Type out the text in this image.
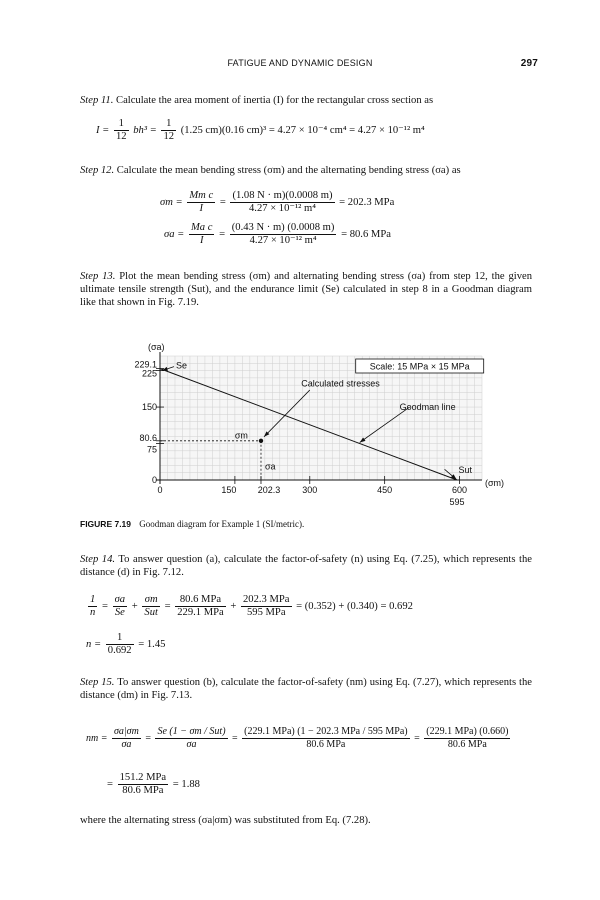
FATIGUE AND DYNAMIC DESIGN	297
Step 11. Calculate the area moment of inertia (I) for the rectangular cross section as
$I = \frac{1}{12} bh^3 = \frac{1}{12} (1.25$ cm)(0.16 cm)³ = 4.27 × 10⁻⁴ cm⁴ = 4.27 × 10⁻¹² m⁴
Step 12. Calculate the mean bending stress (σm) and the alternating bending stress (σa) as
$\sigma m = \frac{\text{Mm c}}{I} = \frac{(1.08 N \cdot m)(0.0008 m)}{\text{4.27 × 10⁻¹² m⁴}} = 202.3$ MPa
$\sigma a = \frac{\text{Ma c}}{I} = \frac{(0.43 N \cdot m) (0.0008 m)}{\text{4.27 × 10⁻¹² m⁴}} = 80.6$ MPa
Step 13. Plot the mean bending stress (σm) and alternating bending stress (σa) from step 12, the given ultimate tensile strength (Sut), and the endurance limit (Se) calculated in step 8 in a Goodman diagram like that shown in Fig. 7.19.
0	150 202.3 300	450	600
0
75
80.6
150
225
229.1
595
(σa)
(σm)
Se
Sut
σm
σa
Calculated stresses
Goodman line
Scale: 15 MPa × 15 MPa
FIGURE 7.19 Goodman diagram for Example 1 (SI/metric).
Step 14. To answer question (a), calculate the factor-of-safety (n) using Eq. (7.25), which represents the distance (d) in Fig. 7.12.
$\frac{1}{n} = \frac{\sigma a}{Se} + \frac{\sigma m}{\text{Sut}} = \frac{\text{80.6 MPa}}{\text{229.1 MPa}} + \frac{\text{202.3 MPa}}{\text{595 MPa}} = (0.352) + (0.340) = 0.692$
$n = \frac{1}{0.692} = 1.45$
Step 15. To answer question (b), calculate the factor-of-safety (nm) using Eq. (7.27), which represents the distance (dm) in Fig. 7.13.
nm = $\frac{\sigma a|\sigma m}{\sigma a} = \frac{\text{Se (1 − σm / Sut)}}{\sigma a} = \frac{\text{(229.1 MPa) (1 − 202.3 MPa / 595 MPa)}}{\text{80.6 MPa}} = \frac{\text{(229.1 MPa) (0.660)}}{\text{80.6 MPa}}$
= $\frac{\text{151.2 MPa}}{\text{80.6 MPa}} = 1.88$
where the alternating stress (σa|σm) was substituted from Eq. (7.28).
